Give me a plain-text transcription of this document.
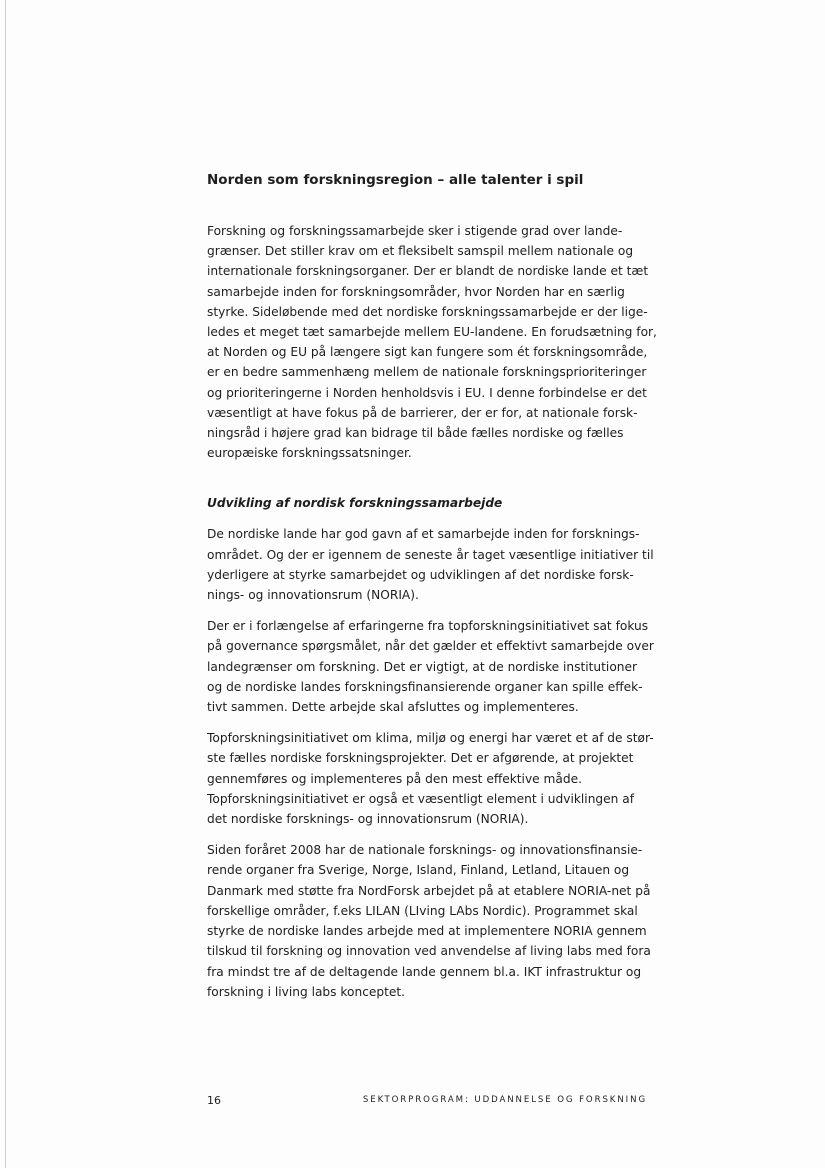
Norden som forskningsregion – alle talenter i spil

Forskning og forskningssamarbejde sker i stigende grad over lande-
grænser. Det stiller krav om et fleksibelt samspil mellem nationale og
internationale forskningsorganer. Der er blandt de nordiske lande et tæt
samarbejde inden for forskningsområder, hvor Norden har en særlig
styrke. Sideløbende med det nordiske forskningssamarbejde er der lige-
ledes et meget tæt samarbejde mellem EU-landene. En forudsætning for,
at Norden og EU på længere sigt kan fungere som ét forskningsområde,
er en bedre sammenhæng mellem de nationale forskningsprioriteringer
og prioriteringerne i Norden henholdsvis i EU. I denne forbindelse er det
væsentligt at have fokus på de barrierer, der er for, at nationale forsk-
ningsråd i højere grad kan bidrage til både fælles nordiske og fælles
europæiske forskningssatsninger.

Udvikling af nordisk forskningssamarbejde

De nordiske lande har god gavn af et samarbejde inden for forsknings-
området. Og der er igennem de seneste år taget væsentlige initiativer til
yderligere at styrke samarbejdet og udviklingen af det nordiske forsk-
nings- og innovationsrum (NORIA).

Der er i forlængelse af erfaringerne fra topforskningsinitiativet sat fokus
på governance spørgsmålet, når det gælder et effektivt samarbejde over
landegrænser om forskning. Det er vigtigt, at de nordiske institutioner
og de nordiske landes forskningsfinansierende organer kan spille effek-
tivt sammen. Dette arbejde skal afsluttes og implementeres.

Topforskningsinitiativet om klima, miljø og energi har været et af de stør-
ste fælles nordiske forskningsprojekter. Det er afgørende, at projektet
gennemføres og implementeres på den mest effektive måde.
Topforskningsinitiativet er også et væsentligt element i udviklingen af
det nordiske forsknings- og innovationsrum (NORIA).

Siden foråret 2008 har de nationale forsknings- og innovationsfinansie-
rende organer fra Sverige, Norge, Island, Finland, Letland, Litauen og
Danmark med støtte fra NordForsk arbejdet på at etablere NORIA-net på
forskellige områder, f.eks LILAN (LIving LAbs Nordic). Programmet skal
styrke de nordiske landes arbejde med at implementere NORIA gennem
tilskud til forskning og innovation ved anvendelse af living labs med fora
fra mindst tre af de deltagende lande gennem bl.a. IKT infrastruktur og
forskning i living labs konceptet.

16	SEKTORPROGRAM: UDDANNELSE OG FORSKNING
